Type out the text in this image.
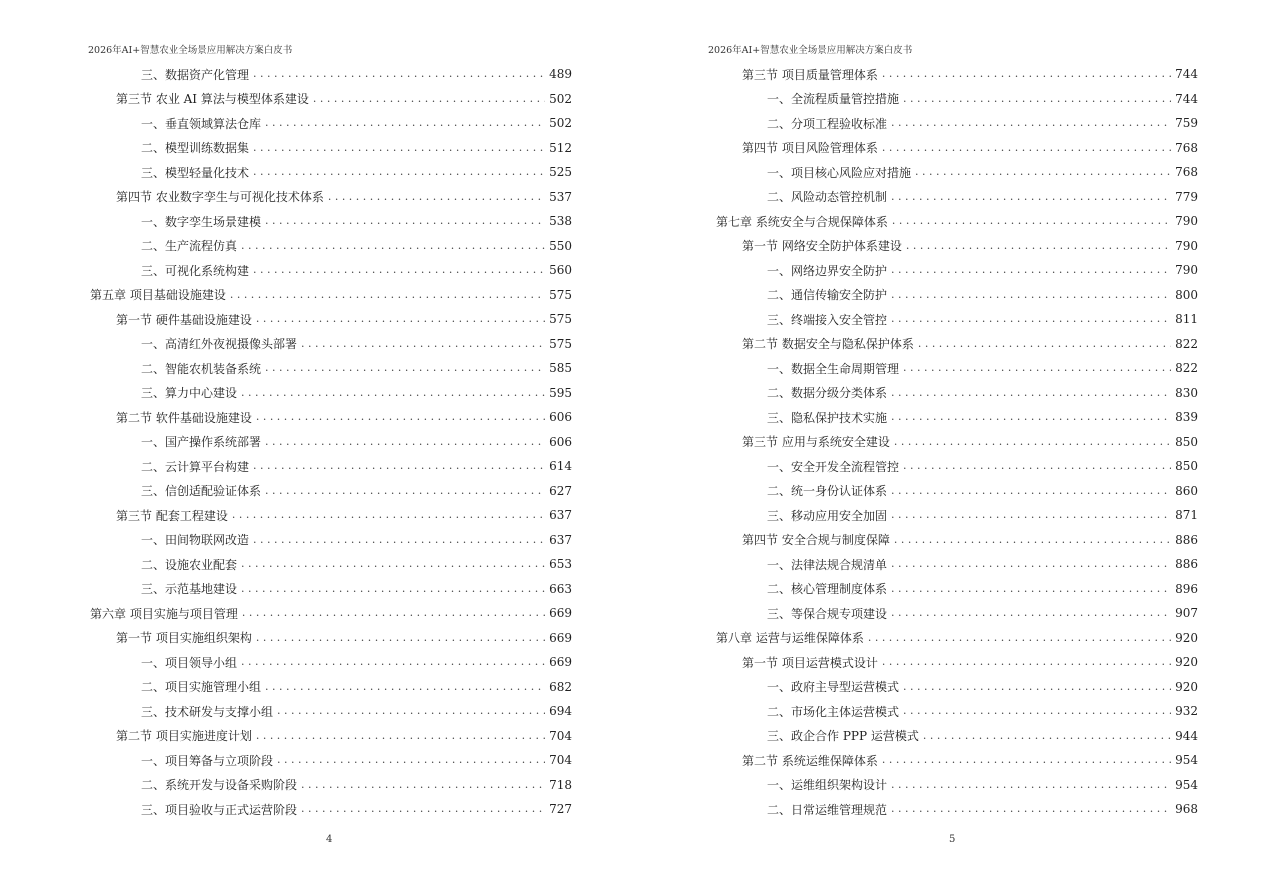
2026年AI+智慧农业全场景应用解决方案白皮书
三、数据资产化管理 . . .	489
第三节 农业 AI 算法与模型体系建设 . . .	502
一、垂直领域算法仓库 . . .	502
二、模型训练数据集 . . .	512
三、模型轻量化技术 . . .	525
第四节 农业数字孪生与可视化技术体系 . . .	537
一、数字孪生场景建模 . . .	538
二、生产流程仿真 . . .	550
三、可视化系统构建 . . .	560
第五章 项目基础设施建设 . . .	575
第一节 硬件基础设施建设 . . .	575
一、高清红外夜视摄像头部署 . . .	575
二、智能农机装备系统 . . .	585
三、算力中心建设 . . .	595
第二节 软件基础设施建设 . . .	606
一、国产操作系统部署 . . .	606
二、云计算平台构建 . . .	614
三、信创适配验证体系 . . .	627
第三节 配套工程建设 . . .	637
一、田间物联网改造 . . .	637
二、设施农业配套 . . .	653
三、示范基地建设 . . .	663
第六章 项目实施与项目管理 . . .	669
第一节 项目实施组织架构 . . .	669
一、项目领导小组 . . .	669
二、项目实施管理小组 . . .	682
三、技术研发与支撑小组 . . .	694
第二节 项目实施进度计划 . . .	704
一、项目筹备与立项阶段 . . .	704
二、系统开发与设备采购阶段 . . .	718
三、项目验收与正式运营阶段 . . .	727
4
2026年AI+智慧农业全场景应用解决方案白皮书
第三节 项目质量管理体系 . . .	744
一、全流程质量管控措施 . . .	744
二、分项工程验收标准 . . .	759
第四节 项目风险管理体系 . . .	768
一、项目核心风险应对措施 . . .	768
二、风险动态管控机制 . . .	779
第七章 系统安全与合规保障体系 . . .	790
第一节 网络安全防护体系建设 . . .	790
一、网络边界安全防护 . . .	790
二、通信传输安全防护 . . .	800
三、终端接入安全管控 . . .	811
第二节 数据安全与隐私保护体系 . . .	822
一、数据全生命周期管理 . . .	822
二、数据分级分类体系 . . .	830
三、隐私保护技术实施 . . .	839
第三节 应用与系统安全建设 . . .	850
一、安全开发全流程管控 . . .	850
二、统一身份认证体系 . . .	860
三、移动应用安全加固 . . .	871
第四节 安全合规与制度保障 . . .	886
一、法律法规合规清单 . . .	886
二、核心管理制度体系 . . .	896
三、等保合规专项建设 . . .	907
第八章 运营与运维保障体系 . . .	920
第一节 项目运营模式设计 . . .	920
一、政府主导型运营模式 . . .	920
二、市场化主体运营模式 . . .	932
三、政企合作 PPP 运营模式 . . .	944
第二节 系统运维保障体系 . . .	954
一、运维组织架构设计 . . .	954
二、日常运维管理规范 . . .	968
5
